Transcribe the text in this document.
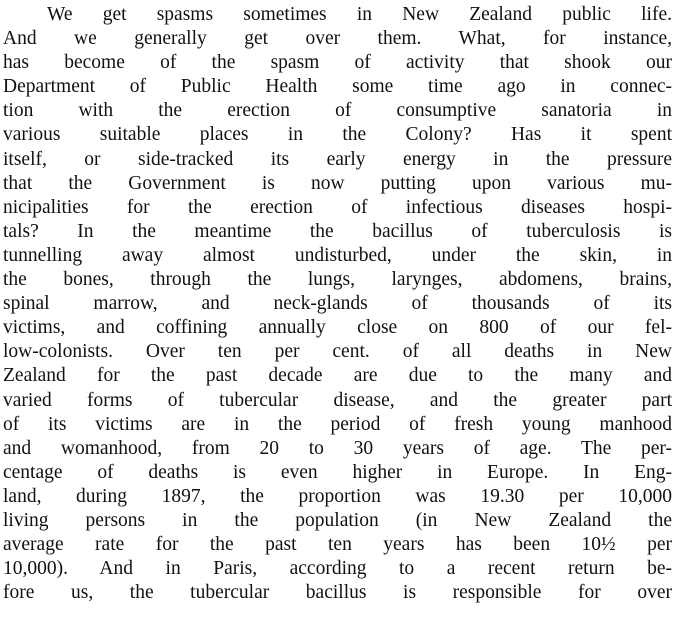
We get spasms sometimes in New Zealand public life.
And we generally get over them. What, for instance,
has become of the spasm of activity that shook our
Department of Public Health some time ago in connec-
tion with the erection of consumptive sanatoria in
various suitable places in the Colony? Has it spent
itself, or side-tracked its early energy in the pressure
that the Government is now putting upon various mu-
nicipalities for the erection of infectious diseases hospi-
tals? In the meantime the bacillus of tuberculosis is
tunnelling away almost undisturbed, under the skin, in
the bones, through the lungs, larynges, abdomens, brains,
spinal marrow, and neck-glands of thousands of its
victims, and coffining annually close on 800 of our fel-
low-colonists. Over ten per cent. of all deaths in New
Zealand for the past decade are due to the many and
varied forms of tubercular disease, and the greater part
of its victims are in the period of fresh young manhood
and womanhood, from 20 to 30 years of age. The per-
centage of deaths is even higher in Europe. In Eng-
land, during 1897, the proportion was 19.30 per 10,000
living persons in the population (in New Zealand the
average rate for the past ten years has been 10½ per
10,000). And in Paris, according to a recent return be-
fore us, the tubercular bacillus is responsible for over
